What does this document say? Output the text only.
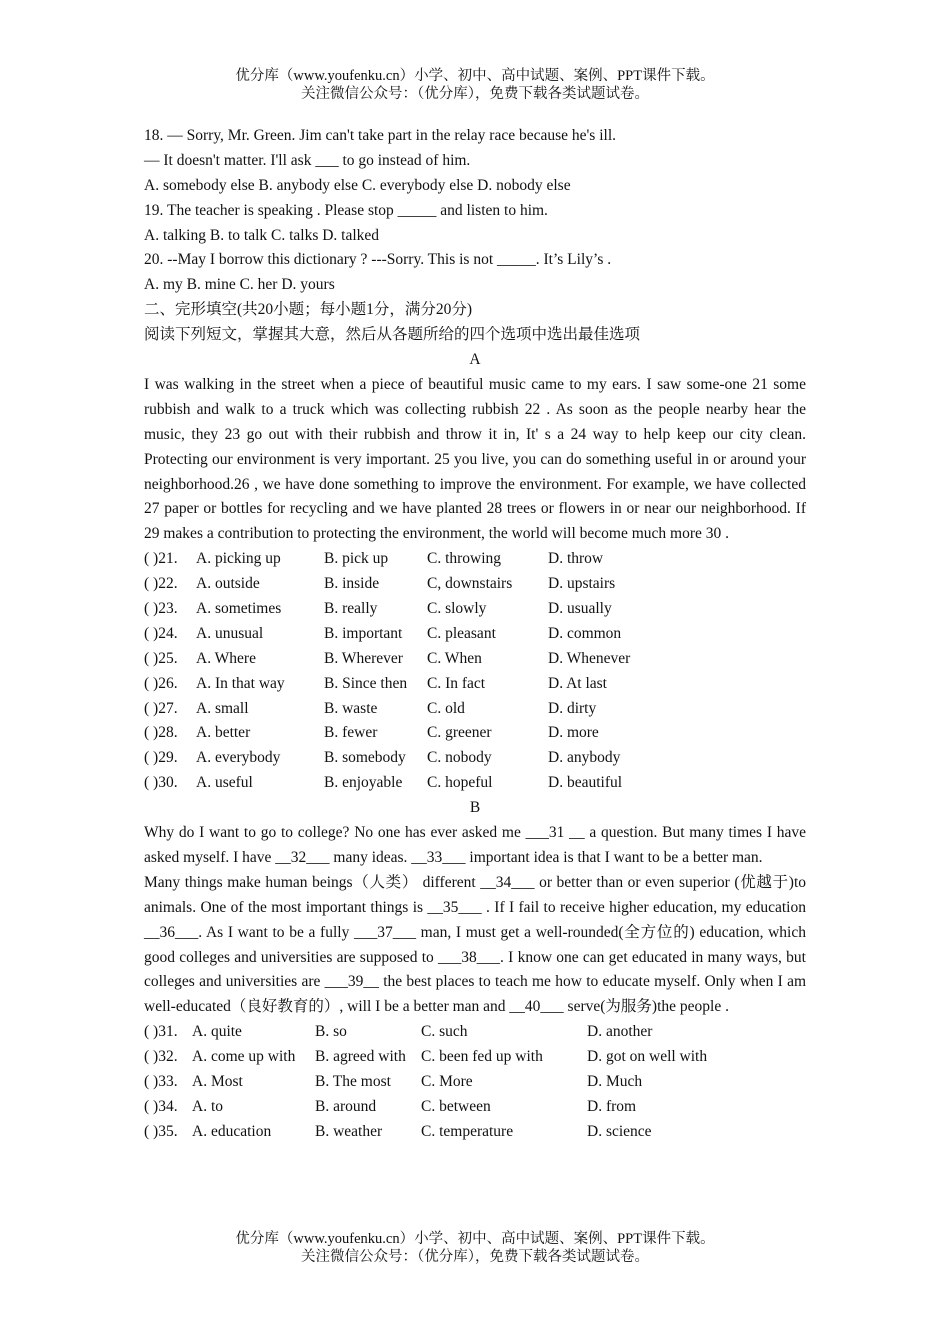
优分库（www.youfenku.cn）小学、初中、高中试题、案例、PPT课件下载。
关注微信公众号：（优分库），免费下载各类试题试卷。
18. — Sorry, Mr. Green. Jim can't take part in the relay race because he's ill.
— It doesn't matter. I'll ask ___ to go instead of him.
A. somebody else B. anybody else C. everybody else D. nobody else
19. The teacher is speaking . Please stop _____ and listen to him.
A. talking B. to talk C. talks D. talked
20. --May I borrow this dictionary ? ---Sorry. This is not _____. It’s Lily’s .
A. my B. mine C. her D. yours
二、完形填空(共20小题；每小题1分，满分20分)
阅读下列短文，掌握其大意，然后从各题所给的四个选项中选出最佳选项
A
I was walking in the street when a piece of beautiful music came to my ears. I saw some-one 21 some rubbish and walk to a truck which was collecting rubbish 22 . As soon as the people nearby hear the music, they 23 go out with their rubbish and throw it in, It' s a 24 way to help keep our city clean. Protecting our environment is very important. 25 you live, you can do something useful in or around your neighborhood.26 , we have done something to improve the environment. For example, we have collected 27 paper or bottles for recycling and we have planted 28 trees or flowers in or near our neighborhood. If 29 makes a contribution to protecting the environment, the world will become much more 30 .
( )21. A. picking up	B. pick up	C. throwing	D. throw
( )22. A. outside	B. inside	C, downstairs D. upstairs
( )23. A. sometimes	B. really	C. slowly	D. usually
( )24. A. unusual	B. important C. pleasant	D. common
( )25. A. Where	B. Wherever C. When	D. Whenever
( )26. A. In that way	B. Since then C. In fact	D. At last
( )27. A. small	B. waste	C. old	D. dirty
( )28. A. better	B. fewer	C. greener	D. more
( )29. A. everybody	B. somebody C. nobody	D. anybody
( )30. A. useful	B. enjoyable C. hopeful	D. beautiful
B
Why do I want to go to college? No one has ever asked me ___31 __ a question. But many times I have asked myself. I have __32___ many ideas. __33___ important idea is that I want to be a better man.
Many things make human beings（人类） different __34___ or better than or even superior (优越于)to animals. One of the most important things is __35___ . If I fail to receive higher education, my education __36___. As I want to be a fully ___37___ man, I must get a well-rounded(全方位的) education, which good colleges and universities are supposed to ___38___. I know one can get educated in many ways, but colleges and universities are ___39__ the best places to teach me how to educate myself. Only when I am well-educated（良好教育的）, will I be a better man and __40___ serve(为服务)the people .
( )31. A. quite	B. so	C. such	D. another
( )32. A. come up with B. agreed with C. been fed up with	D. got on well with
( )33. A. Most	B. The most C. More	D. Much
( )34. A. to	B. around	C. between	D. from
( )35. A. education	B. weather	C. temperature	D. science
优分库（www.youfenku.cn）小学、初中、高中试题、案例、PPT课件下载。
关注微信公众号：（优分库），免费下载各类试题试卷。
